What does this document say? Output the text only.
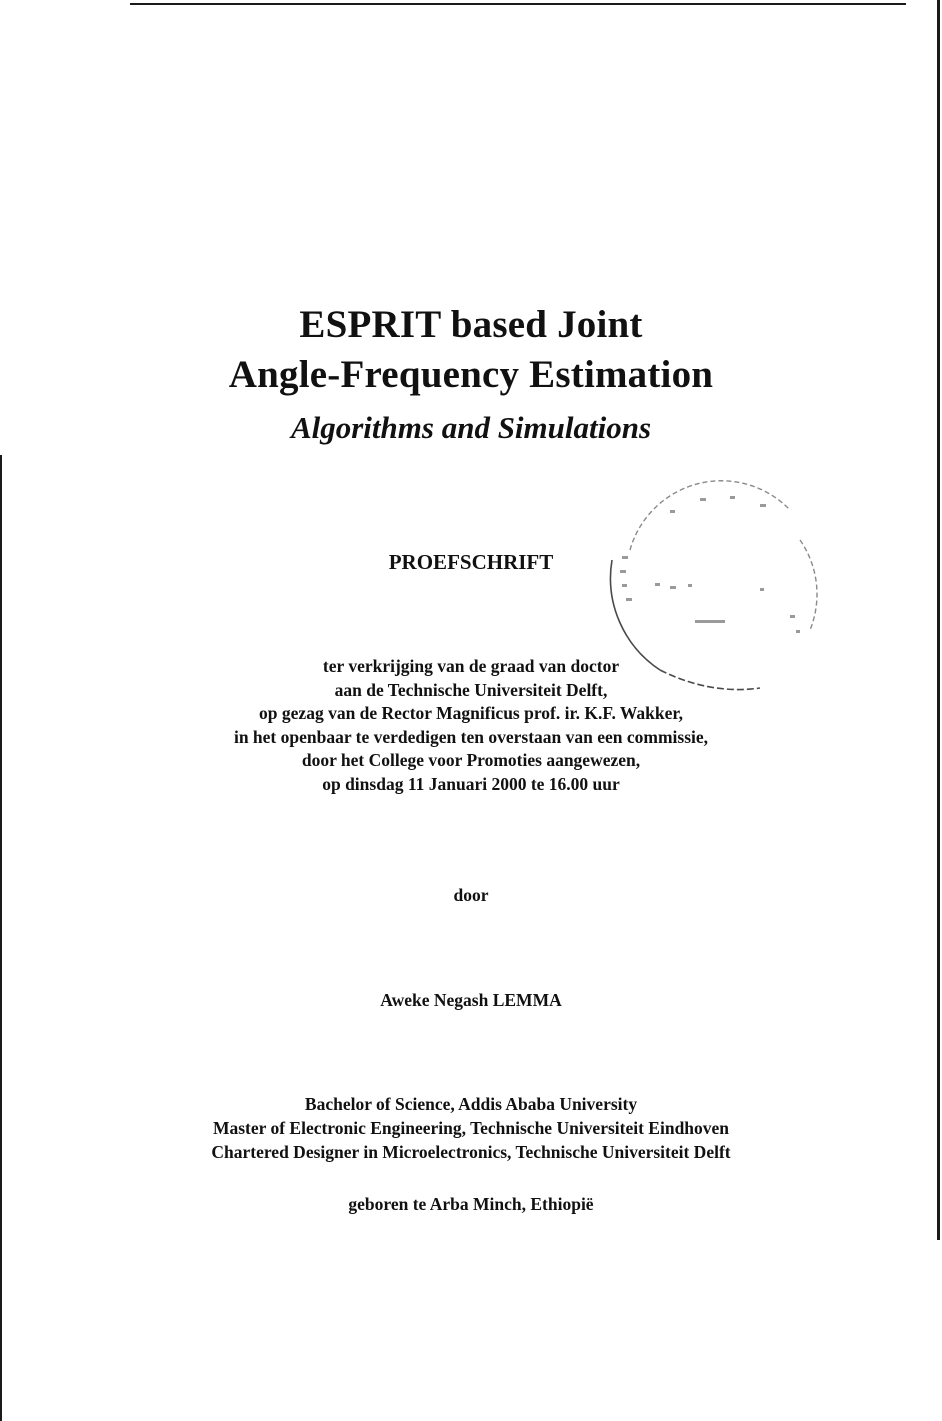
ESPRIT based Joint
Angle-Frequency Estimation
Algorithms and Simulations
PROEFSCHRIFT
ter verkrijging van de graad van doctor
aan de Technische Universiteit Delft,
op gezag van de Rector Magnificus prof. ir. K.F. Wakker,
in het openbaar te verdedigen ten overstaan van een commissie,
door het College voor Promoties aangewezen,
op dinsdag 11 Januari 2000 te 16.00 uur
door
Aweke Negash LEMMA
Bachelor of Science, Addis Ababa University
Master of Electronic Engineering, Technische Universiteit Eindhoven
Chartered Designer in Microelectronics, Technische Universiteit Delft
geboren te Arba Minch, Ethiopië
